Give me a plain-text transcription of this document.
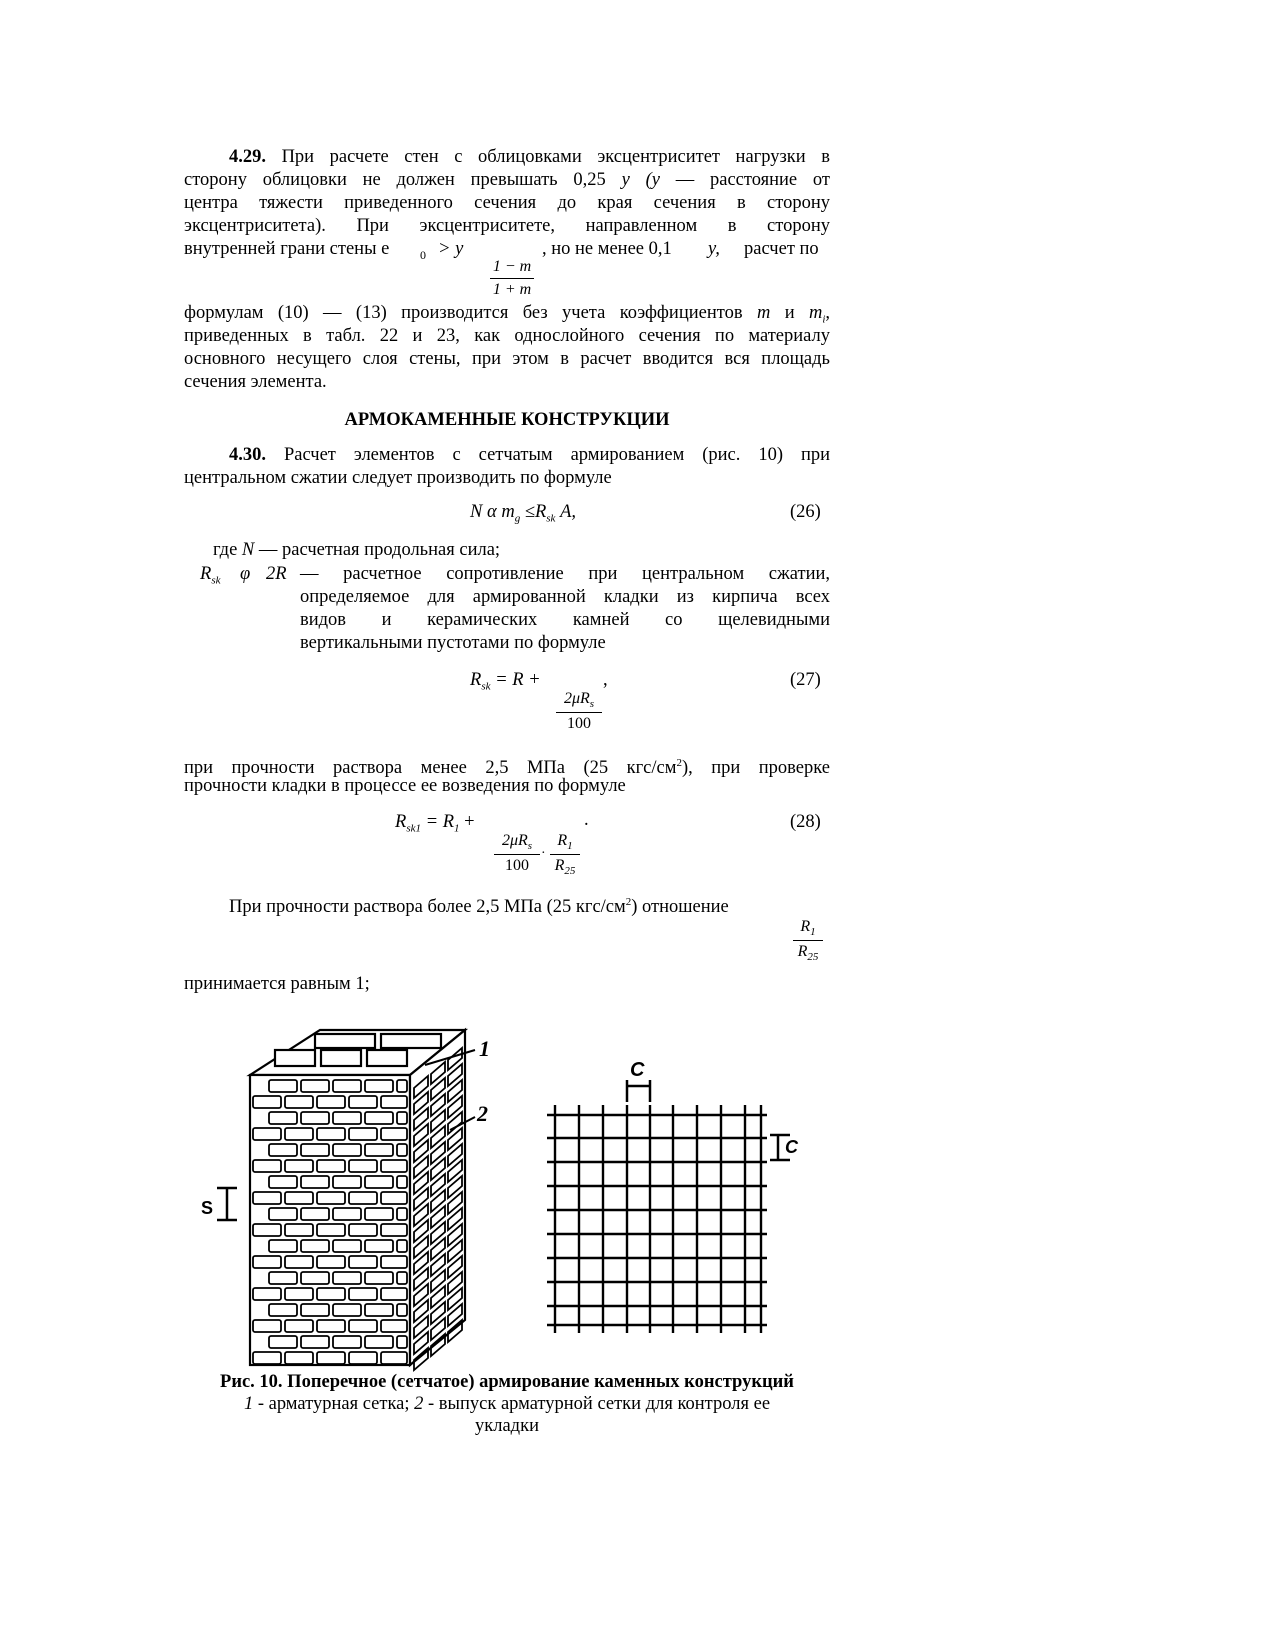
4.29. При расчете стен с облицовками эксцентриситет нагрузки в
сторону облицовки не должен превышать 0,25 y (y — расстояние от
центра тяжести приведенного сечения до края сечения в сторону
эксцентриситета). При эксцентриситете, направленном в сторону
внутренней грани стены e	0 > y	, но не менее 0,1 y, расчет по
1 − m
1 + m
формулам (10) — (13) производится без учета коэффициентов m и $m_i$,
приведенных в табл. 22 и 23, как однослойного сечения по материалу
основного несущего слоя стены, при этом в расчет вводится вся площадь
сечения элемента.
АРМОКАМЕННЫЕ КОНСТРУКЦИИ
4.30. Расчет элементов с сетчатым армированием (рис. 10) при
центральном сжатии следует производить по формуле
N α $m_g \le R_{sk}$ A,	(26)
где N — расчетная продольная сила;
$R_{sk}$ φ 2R — расчетное сопротивление при центральном сжатии,
определяемое для армированной кладки из кирпича всех
видов и керамических камней со щелевидными
вертикальными пустотами по формуле
$R_{sk} = R$ +	,
$2\mu R_s$
100
(27)
при прочности раствора менее 2,5 МПа (25 кгс/$см^2$), при проверке
прочности кладки в процессе ее возведения по формуле
$R_{sk1} = R_1$ +	.
$2\mu R_s$
100
·
$R_1$
$R_{25}$
(28)
При прочности раствора более 2,5 МПа (25 кгс/$см^2$) отношение
$R_1$
$R_{25}$
принимается равным 1;
1
2
S
C
C
Рис. 10. Поперечное (сетчатое) армирование каменных конструкций
1 - арматурная сетка; 2 - выпуск арматурной сетки для контроля ее
укладки
